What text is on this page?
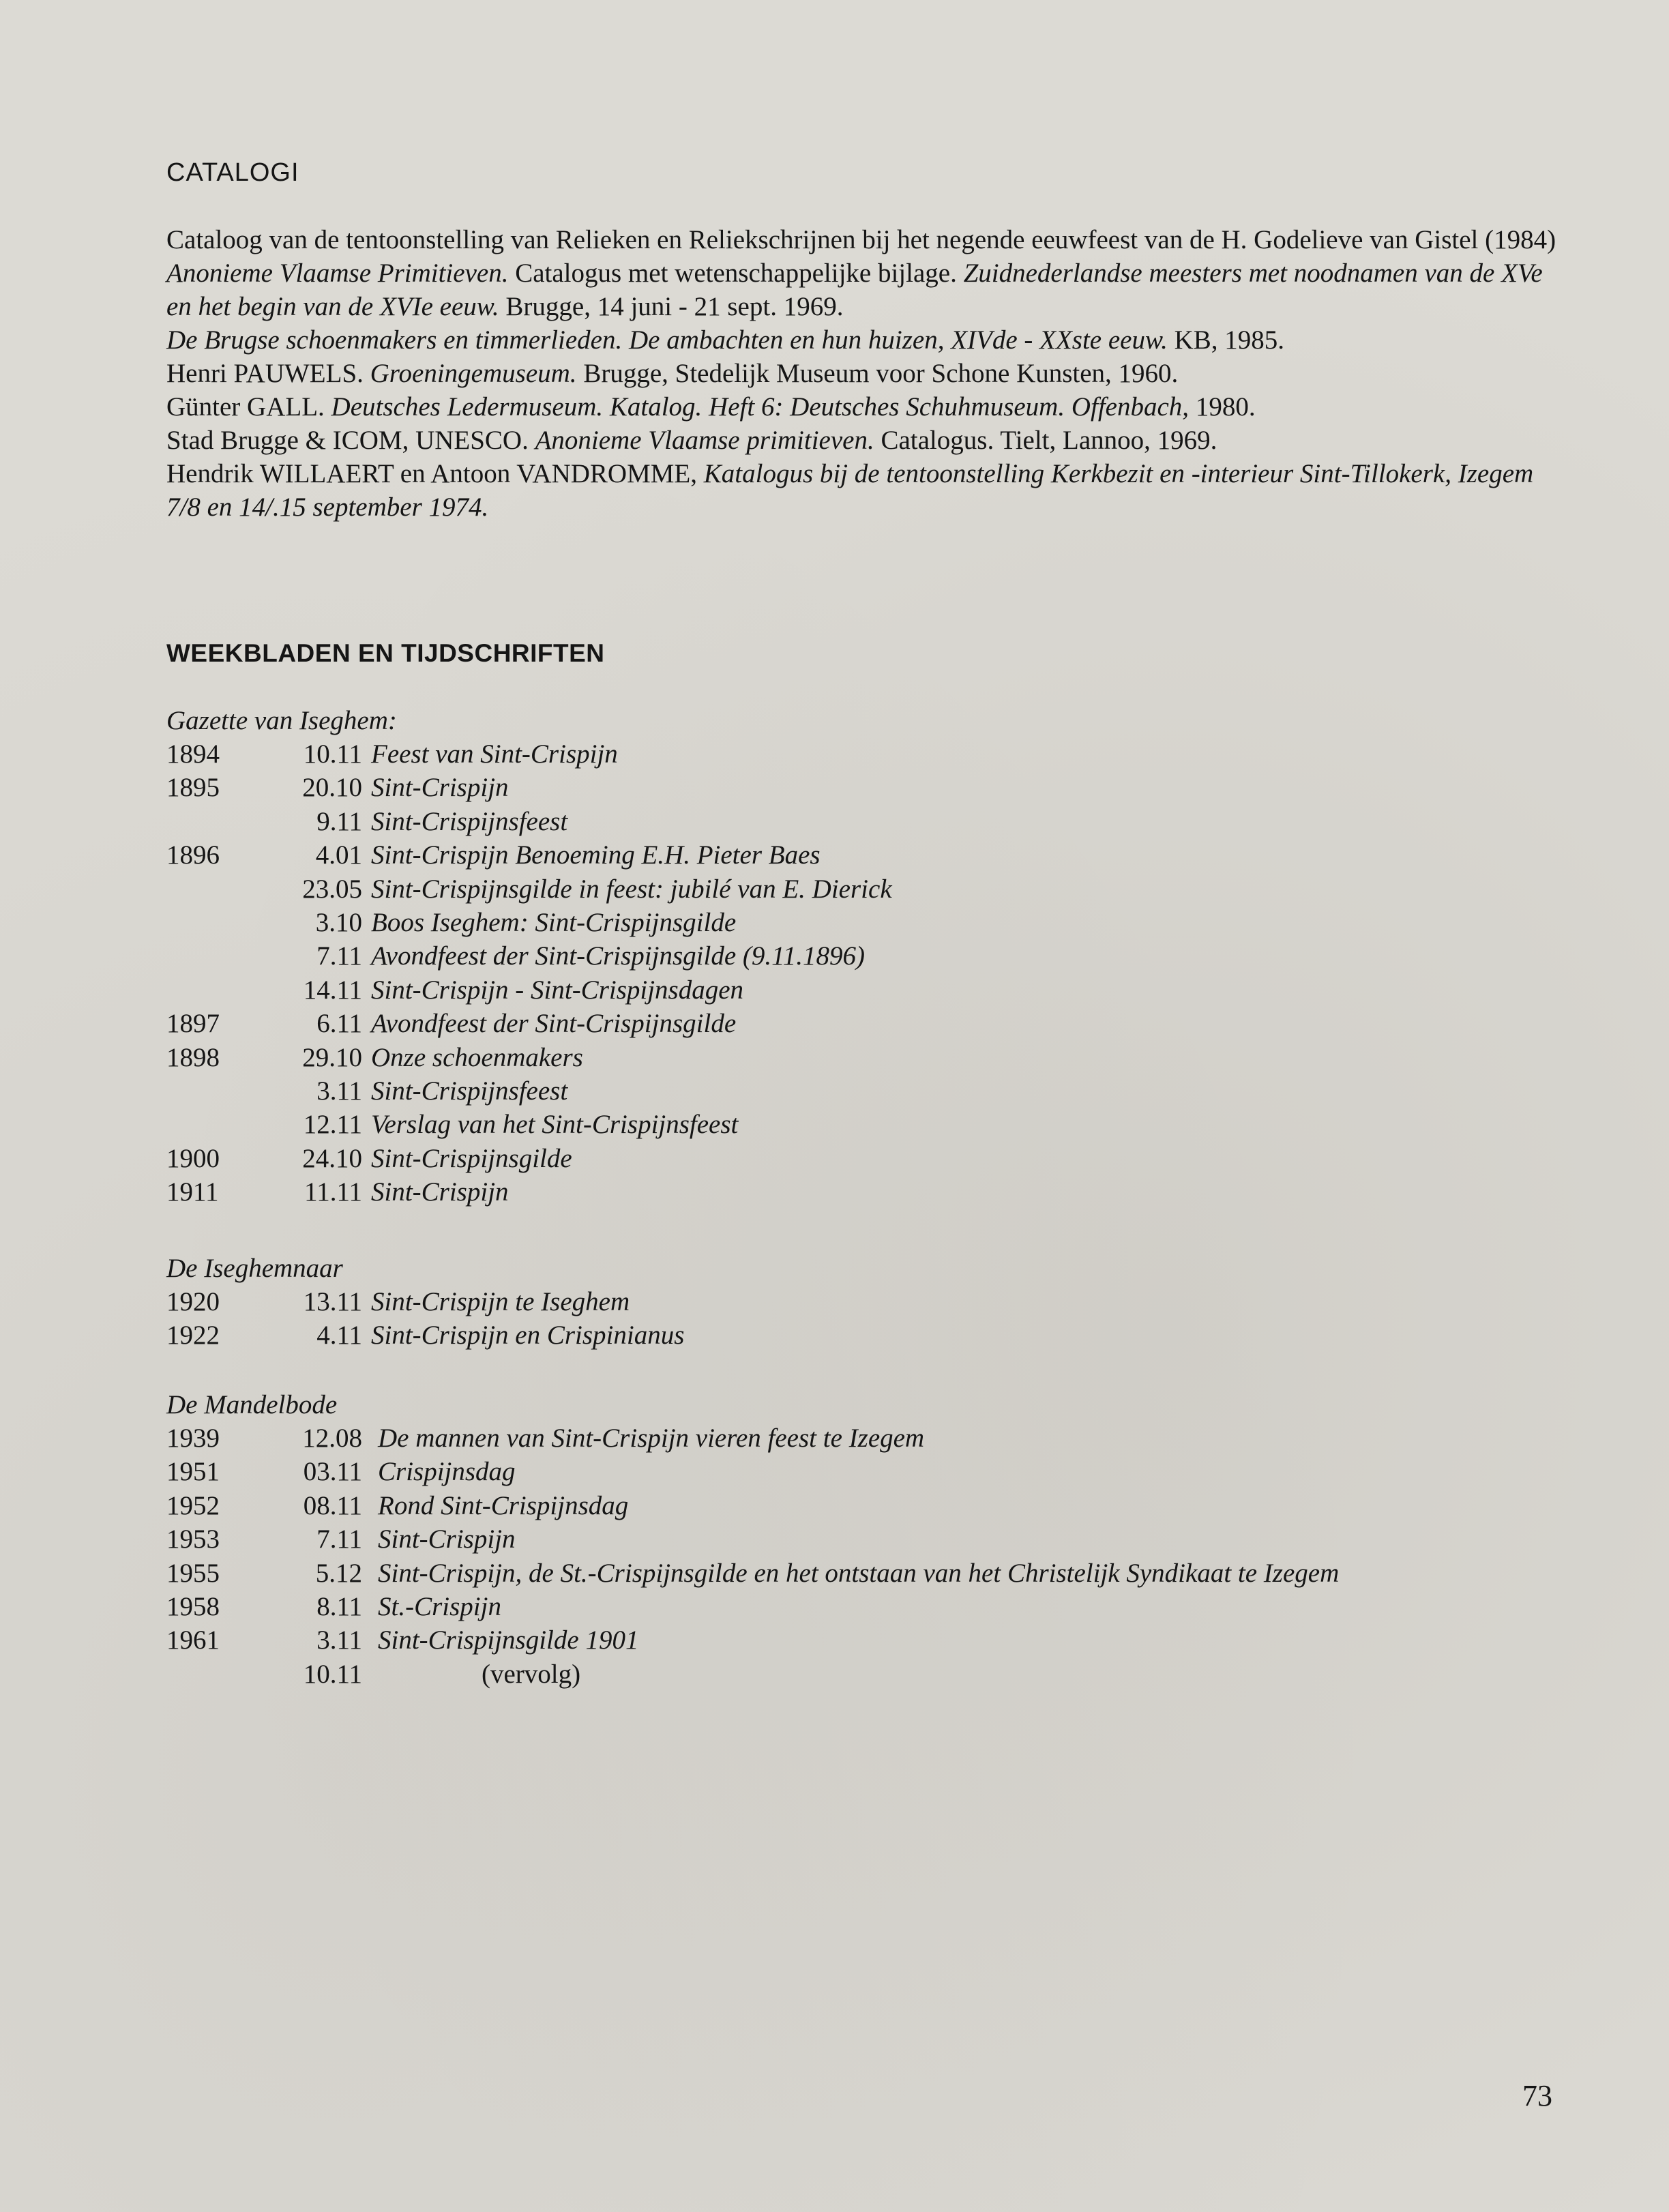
CATALOGI

Cataloog van de tentoonstelling van Relieken en Reliekschrijnen bij het negende eeuwfeest van de H. Godelieve van Gistel (1984)

Anonieme Vlaamse Primitieven. Catalogus met wetenschappelijke bijlage. Zuidnederlandse meesters met noodnamen van de XVe en het begin van de XVIe eeuw. Brugge, 14 juni - 21 sept. 1969.

De Brugse schoenmakers en timmerlieden. De ambachten en hun huizen, XIVde - XXste eeuw. KB, 1985.

Henri PAUWELS. Groeningemuseum. Brugge, Stedelijk Museum voor Schone Kunsten, 1960.

Günter GALL. Deutsches Ledermuseum. Katalog. Heft 6: Deutsches Schuhmuseum. Offenbach, 1980.

Stad Brugge & ICOM, UNESCO. Anonieme Vlaamse primitieven. Catalogus. Tielt, Lannoo, 1969.

Hendrik WILLAERT en Antoon VANDROMME, Katalogus bij de tentoonstelling Kerkbezit en -interieur Sint-Tillokerk, Izegem 7/8 en 14/.15 september 1974.

WEEKBLADEN EN TIJDSCHRIFTEN
Gazette van Iseghem:
1894	10.11 Feest van Sint-Crispijn
1895	20.10 Sint-Crispijn
9.11 Sint-Crispijnsfeest
1896	4.01 Sint-Crispijn Benoeming E.H. Pieter Baes
23.05 Sint-Crispijnsgilde in feest: jubilé van E. Dierick
3.10 Boos Iseghem: Sint-Crispijnsgilde
7.11 Avondfeest der Sint-Crispijnsgilde (9.11.1896)
14.11 Sint-Crispijn - Sint-Crispijnsdagen
1897	6.11 Avondfeest der Sint-Crispijnsgilde
1898	29.10 Onze schoenmakers
3.11 Sint-Crispijnsfeest
12.11 Verslag van het Sint-Crispijnsfeest
1900	24.10 Sint-Crispijnsgilde
1911	11.11 Sint-Crispijn
De Iseghemnaar
1920	13.11 Sint-Crispijn te Iseghem
1922	4.11 Sint-Crispijn en Crispinianus
De Mandelbode
1939	12.08 De mannen van Sint-Crispijn vieren feest te Izegem
1951	03.11 Crispijnsdag
1952	08.11 Rond Sint-Crispijnsdag
1953	7.11 Sint-Crispijn
1955	5.12 Sint-Crispijn, de St.-Crispijnsgilde en het ontstaan van het Christelijk Syndikaat te Izegem
1958	8.11 St.-Crispijn
1961	3.11 Sint-Crispijnsgilde 1901
10.11	(vervolg)
73
